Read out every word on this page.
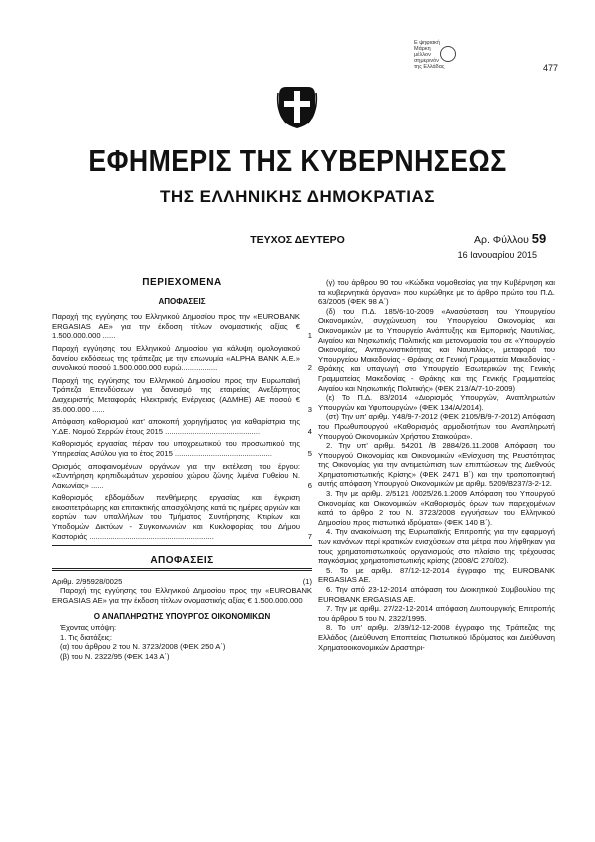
477
Ε ψηφιακή
Μάρκη
μέλλον
σημερινόν
της Ελλάδας
ΕΦΗΜΕΡΙΣ ΤΗΣ ΚΥΒΕΡΝΗΣΕΩΣ
ΤΗΣ ΕΛΛΗΝΙΚΗΣ ΔΗΜΟΚΡΑΤΙΑΣ
ΤΕΥΧΟΣ ΔΕΥΤΕΡΟ	Αρ. Φύλλου 59
16 Ιανουαρίου 2015
ΠΕΡΙΕΧΟΜΕΝΑ
ΑΠΟΦΑΣΕΙΣ
Παροχή της εγγύησης του Ελληνικού Δημοσίου προς την «EUROBANK ERGASIAS AE» για την έκδοση τίτλων ονομαστικής αξίας € 1.500.000.000 ......	1
Παροχή εγγύησης του Ελληνικού Δημοσίου για κάλυψη ομολογιακού δανείου εκδόσεως της τράπεζας με την επωνυμία «ALPHA BANK A.E.» συνολικού ποσού 1.500.000.000 ευρώ.................	2
Παροχή της εγγύησης του Ελληνικού Δημοσίου προς την Ευρωπαϊκή Τράπεζα Επενδύσεων για δανεισμό της εταιρείας Ανεξάρτητος Διαχειριστής Μεταφοράς Ηλεκτρικής Ενέργειας (ΑΔΜΗΕ) ΑΕ ποσού € 35.000.000 ......	3
Απόφαση καθορισμού κατ’ αποκοπή χορηγήματος για καθαρίστρια της Υ.ΔΕ. Νομού Σερρών έτους 2015 .............................................	4
Καθορισμός εργασίας πέραν του υποχρεωτικού του προσωπικού της Υπηρεσίας Ασύλου για το έτος 2015 ..............................................	5
Ορισμός αποφαινομένων οργάνων για την εκτέλεση του έργου: «Συντήρηση κρηπιδωμάτων χερσαίου χώρου ζώνης λιμένα Γυθείου Ν. Λακωνίας» ......	6
Καθορισμός εβδομάδων πενθήμερης εργασίας και έγκριση εικοσιτετράωρης και επιτακτικής απασχόλησης κατά τις ημέρες αργιών και εορτών των υπαλλήλων του Τμήματος Συντήρησης Κτιρίων και Υποδομών Δικτύων - Συγκοινωνιών και Κυκλοφορίας του Δήμου Καστοριάς ...........................................................	7
ΑΠΟΦΑΣΕΙΣ
Αριθμ. 2/95928/0025	(1)

Παροχή της εγγύησης του Ελληνικού Δημοσίου προς την «EUROBANK ERGASIAS AE» για την έκδοση τίτλων ονομαστικής αξίας € 1.500.000.000

Ο ΑΝΑΠΛΗΡΩΤΗΣ ΥΠΟΥΡΓΟΣ ΟΙΚΟΝΟΜΙΚΩΝ

Έχοντας υπόψη:

1. Τις διατάξεις:

(α) του άρθρου 2 του Ν. 3723/2008 (ΦΕΚ 250 Α΄)

(β) του Ν. 2322/95 (ΦΕΚ 143 Α΄)

(γ) του άρθρου 90 του «Κώδικα νομοθεσίας για την Κυβέρνηση και τα κυβερνητικά όργανα» που κυρώθηκε με το άρθρο πρώτο του Π.Δ. 63/2005 (ΦΕΚ 98 Α΄)

(δ) του Π.Δ. 185/6-10-2009 «Ανασύσταση του Υπουργείου Οικονομικών, συγχώνευση του Υπουργείου Οικονομίας και Οικονομικών με το Υπουργείο Ανάπτυξης και Εμπορικής Ναυτιλίας, Αιγαίου και Νησιωτικής Πολιτικής και μετονομασία του σε «Υπουργείο Οικονομίας, Ανταγωνιστικότητας και Ναυτιλίας», μεταφορά του Υπουργείου Μακεδονίας - Θράκης σε Γενική Γραμματεία Μακεδονίας - Θράκης και υπαγωγή στο Υπουργείο Εσωτερικών της Γενικής Γραμματείας Μακεδονίας - Θράκης και της Γενικής Γραμματείας Αιγαίου και Νησιωτικής Πολιτικής» (ΦΕΚ 213/Α/7-10-2009)

(ε) Το Π.Δ. 83/2014 «Διορισμός Υπουργών, Αναπληρωτών Υπουργών και Υφυπουργών» (ΦΕΚ 134/Α/2014).

(στ) Την υπ’ αριθμ. Υ48/9-7-2012 (ΦΕΚ 2105/Β/9-7-2012) Απόφαση του Πρωθυπουργού «Καθορισμός αρμοδιοτήτων του Αναπληρωτή Υπουργού Οικονομικών Χρήστου Σταικούρα».

2. Την υπ’ αριθμ. 54201 /Β 2884/26.11.2008 Απόφαση του Υπουργού Οικονομίας και Οικονομικών «Ενίσχυση της Ρευστότητας της Οικονομίας για την αντιμετώπιση των επιπτώσεων της Διεθνούς Χρηματοπιστωτικής Κρίσης» (ΦΕΚ 2471 Β΄) και την τροποποιητική αυτής απόφαση Υπουργού Οικονομικών με αριθμ. 5209/Β237/3-2-12.

3. Την με αριθμ. 2/5121 /0025/26.1.2009 Απόφαση του Υπουργού Οικονομίας και Οικονομικών «Καθορισμός όρων των παρεχομένων κατά το άρθρο 2 του Ν. 3723/2008 εγγυήσεων του Ελληνικού Δημοσίου προς πιστωτικά ιδρύματα» (ΦΕΚ 140 Β΄).

4. Την ανακοίνωση της Ευρωπαϊκής Επιτροπής για την εφαρμογή των κανόνων περί κρατικών ενισχύσεων στα μέτρα που λήφθηκαν για τους χρηματοπιστωτικούς οργανισμούς στο πλαίσιο της τρέχουσας παγκόσμιας χρηματοπιστωτικής κρίσης (2008/C 270/02).

5. Το με αριθμ. 87/12-12-2014 έγγραφο της EUROBANK ERGASIAS AE.

6. Την από 23-12-2014 απόφαση του Διοικητικού Συμβουλίου της EUROBANK ERGASIAS AE.

7. Την με αριθμ. 27/22-12-2014 απόφαση Διυπουργικής Επιτροπής του άρθρου 5 του Ν. 2322/1995.

8. Το υπ’ αριθμ. 2/39/12-12-2008 έγγραφο της Τράπεζας της Ελλάδος (Διεύθυνση Εποπτείας Πιστωτικού Ιδρύματος και Διεύθυνση Χρηματοοικονομικών Δραστηρι-
